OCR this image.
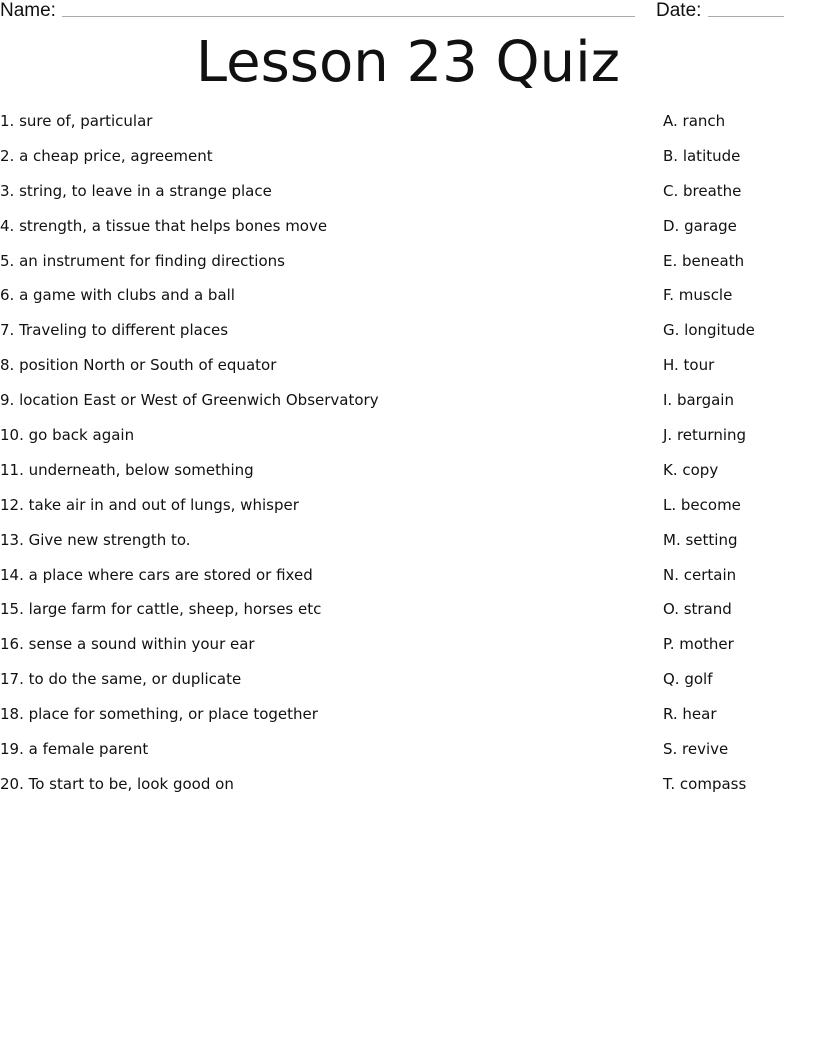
Name:	Date:
Lesson 23 Quiz
1. sure of, particular
2. a cheap price, agreement
3. string, to leave in a strange place
4. strength, a tissue that helps bones move
5. an instrument for finding directions
6. a game with clubs and a ball
7. Traveling to different places
8. position North or South of equator
9. location East or West of Greenwich Observatory
10. go back again
11. underneath, below something
12. take air in and out of lungs, whisper
13. Give new strength to.
14. a place where cars are stored or fixed
15. large farm for cattle, sheep, horses etc
16. sense a sound within your ear
17. to do the same, or duplicate
18. place for something, or place together
19. a female parent
20. To start to be, look good on
A. ranch
B. latitude
C. breathe
D. garage
E. beneath
F. muscle
G. longitude
H. tour
I. bargain
J. returning
K. copy
L. become
M. setting
N. certain
O. strand
P. mother
Q. golf
R. hear
S. revive
T. compass
